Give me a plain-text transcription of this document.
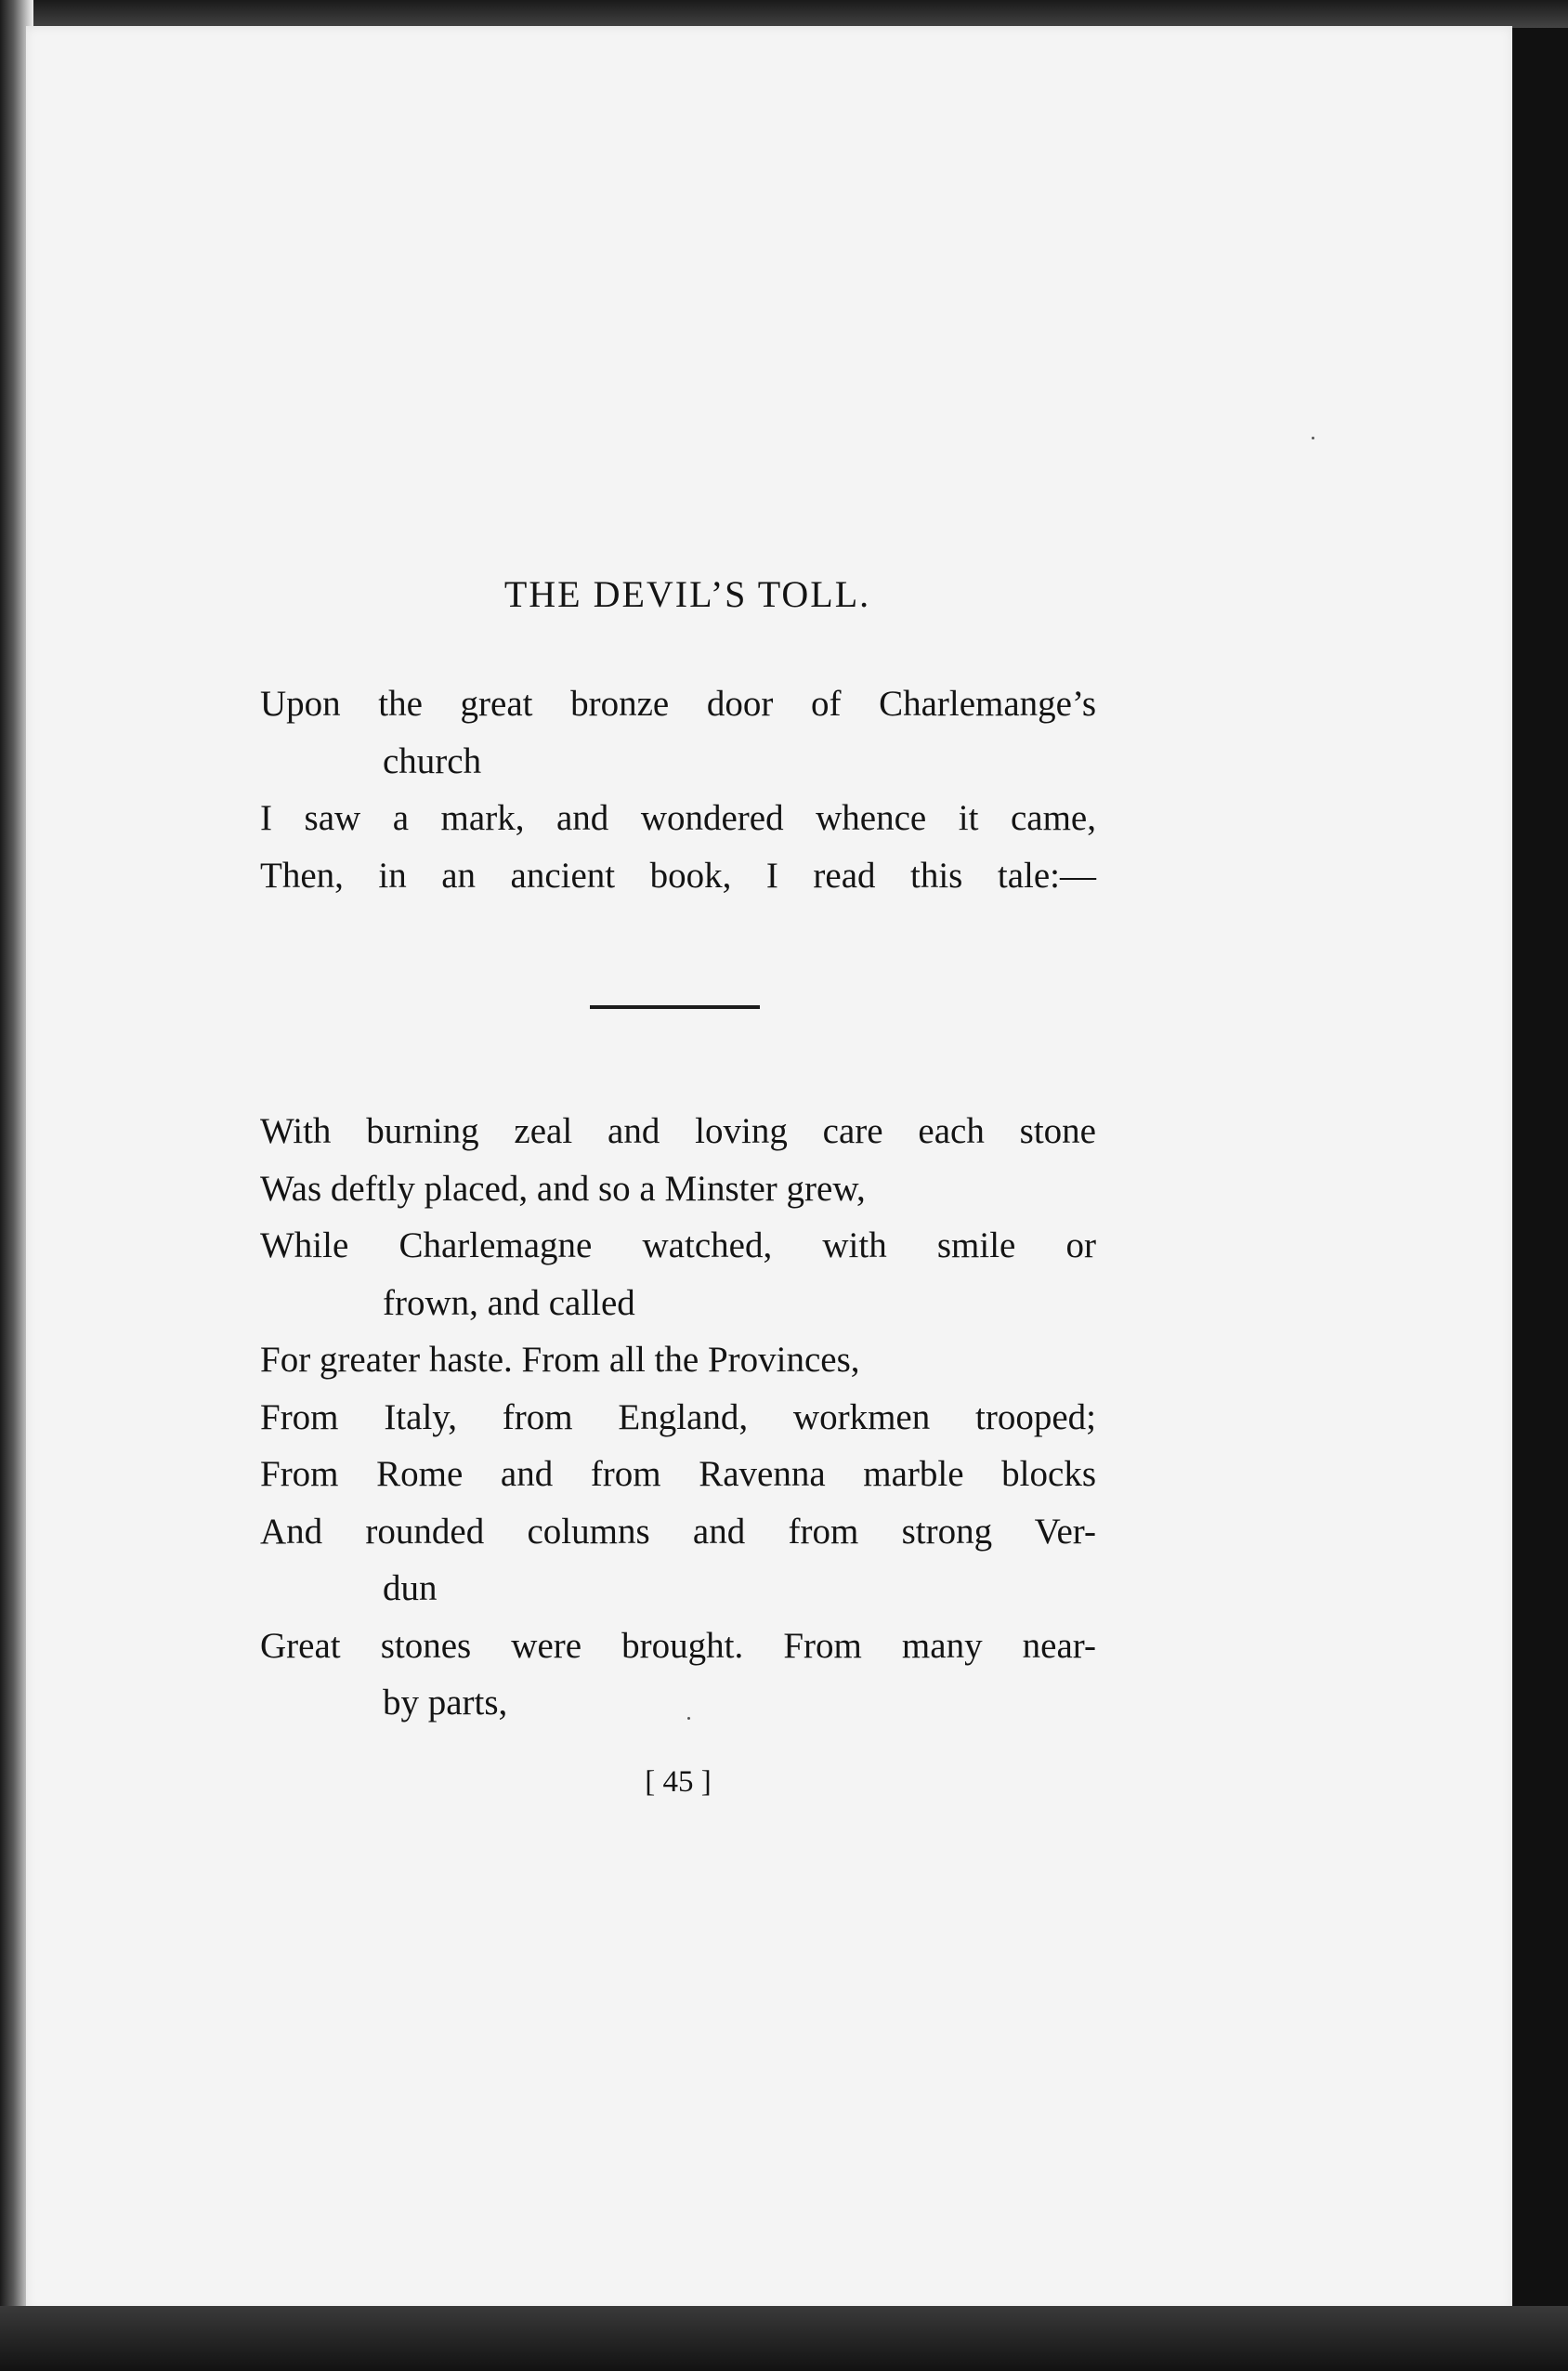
THE DEVIL’S TOLL.
Upon the great bronze door of Charlemange’s
church
I saw a mark, and wondered whence it came,
Then, in an ancient book, I read this tale:—
With burning zeal and loving care each stone
Was deftly placed, and so a Minster grew,
While Charlemagne watched, with smile or
frown, and called
For greater haste. From all the Provinces,
From Italy, from England, workmen trooped;
From Rome and from Ravenna marble blocks
And rounded columns and from strong Ver-
dun
Great stones were brought. From many near-
by parts,
[ 45 ]
